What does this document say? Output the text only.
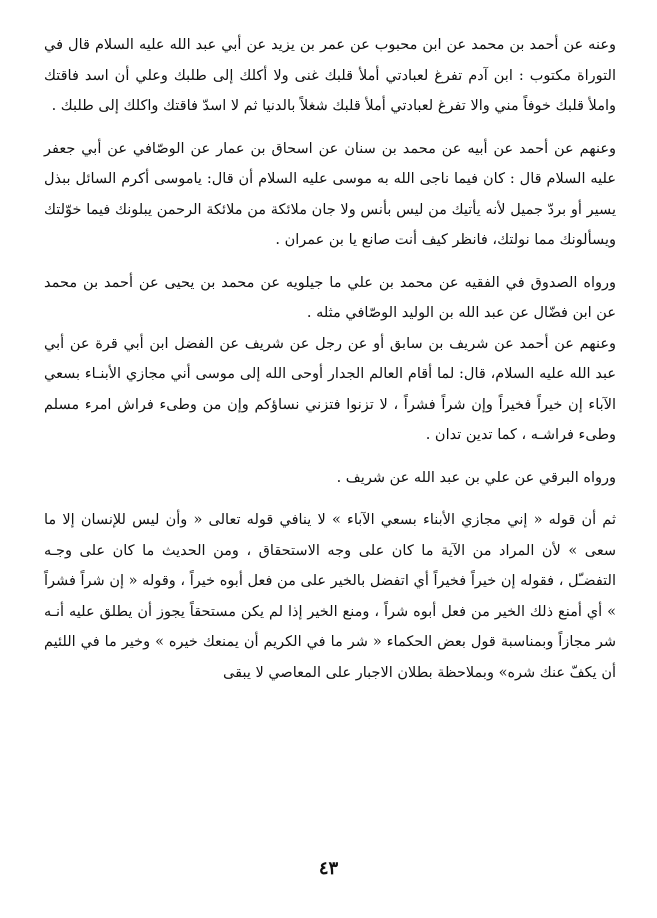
وعنه عن أحمد بن محمد عن ابن محبوب عن عمر بن يزيد عن أبي عبد الله عليه السلام قال في التوراة مكتوب : ابن آدم تفرغ لعبادتي أملأ قلبك غنى ولا أكلك إلى طلبك وعلي أن اسد فاقتك واملأ قلبك خوفاً مني والا تفرغ لعبادتي أملأ قلبك شغلاً بالدنيا ثم لا اسدّ فاقتك واكلك إلى طلبك .

وعنهم عن أحمد عن أبيه عن محمد بن سنان عن اسحاق بن عمار عن الوصّافي عن أبي جعفر عليه السلام قال : كان فيما ناجى الله به موسى عليه السلام أن قال: ياموسى أكرم السائل ببذل يسير أو بردّ جميل لأنه يأتيك من ليس بأنس ولا جان ملائكة من ملائكة الرحمن يبلونك فيما خوّلتك ويسألونك مما نولتك، فانظر كيف أنت صانع يا بن عمران .

ورواه الصدوق في الفقيه عن محمد بن علي ما جيلويه عن محمد بن يحيى عن أحمد بن محمد عن ابن فضّال عن عبد الله بن الوليد الوصّافي مثله .

وعنهم عن أحمد عن شريف بن سابق أو عن رجل عن شريف عن الفضل ابن أبي قرة عن أبي عبد الله عليه السلام، قال: لما أقام العالم الجدار أوحى الله إلى موسى أني مجازي الأبنـاء بسعي الآباء إن خيراً فخيراً وإن شراً فشراً ، لا تزنوا فتزني نساؤكم وإن من وطىء فراش امرء مسلم وطىء فراشـه ، كما تدين تدان .

ورواه البرقي عن علي بن عبد الله عن شريف .

ثم أن قوله « إني مجازي الأبناء بسعي الآباء » لا ينافي قوله تعالى « وأن ليس للإنسان إلا ما سعى » لأن المراد من الآية ما كان على وجه الاستحقاق ، ومن الحديث ما كان على وجـه التفضـّل ، فقوله إن خيراً فخيراً أي اتفضل بالخير على من فعل أبوه خيراً ، وقوله « إن شراً فشراً » أي أمنع ذلك الخير من فعل أبوه شراً ، ومنع الخير إذا لم يكن مستحقاً يجوز أن يطلق عليه أنـه شر مجازاً وبمناسبة قول بعض الحكماء « شر ما في الكريم أن يمنعك خيره » وخير ما في اللئيم أن يكفّ عنك شره» وبملاحظة بطلان الاجبار على المعاصي لا يبقى

٤٣
